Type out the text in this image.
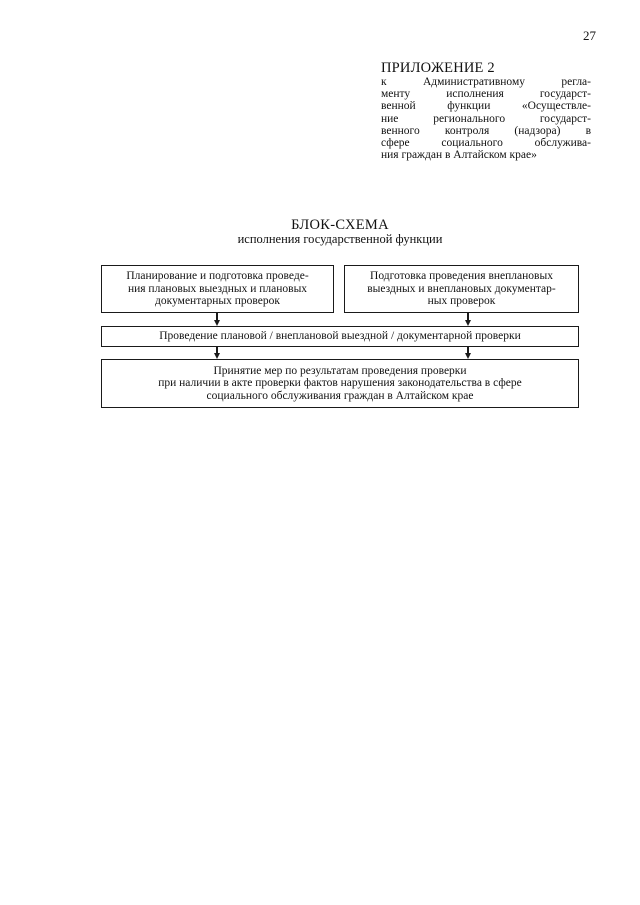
27
ПРИЛОЖЕНИЕ 2
к Административному регла-
менту исполнения государст-
венной функции «Осуществле-
ние регионального государст-
венного контроля (надзора) в
сфере социального обслужива-
ния граждан в Алтайском крае»
БЛОК-СХЕМА
исполнения государственной функции
Планирование и подготовка проведе-
ния плановых выездных и плановых
документарных проверок
Подготовка проведения внеплановых
выездных и внеплановых документар-
ных проверок
Проведение плановой / внеплановой выездной / документарной проверки
Принятие мер по результатам проведения проверки
при наличии в акте проверки фактов нарушения законодательства в сфере
социального обслуживания граждан в Алтайском крае
